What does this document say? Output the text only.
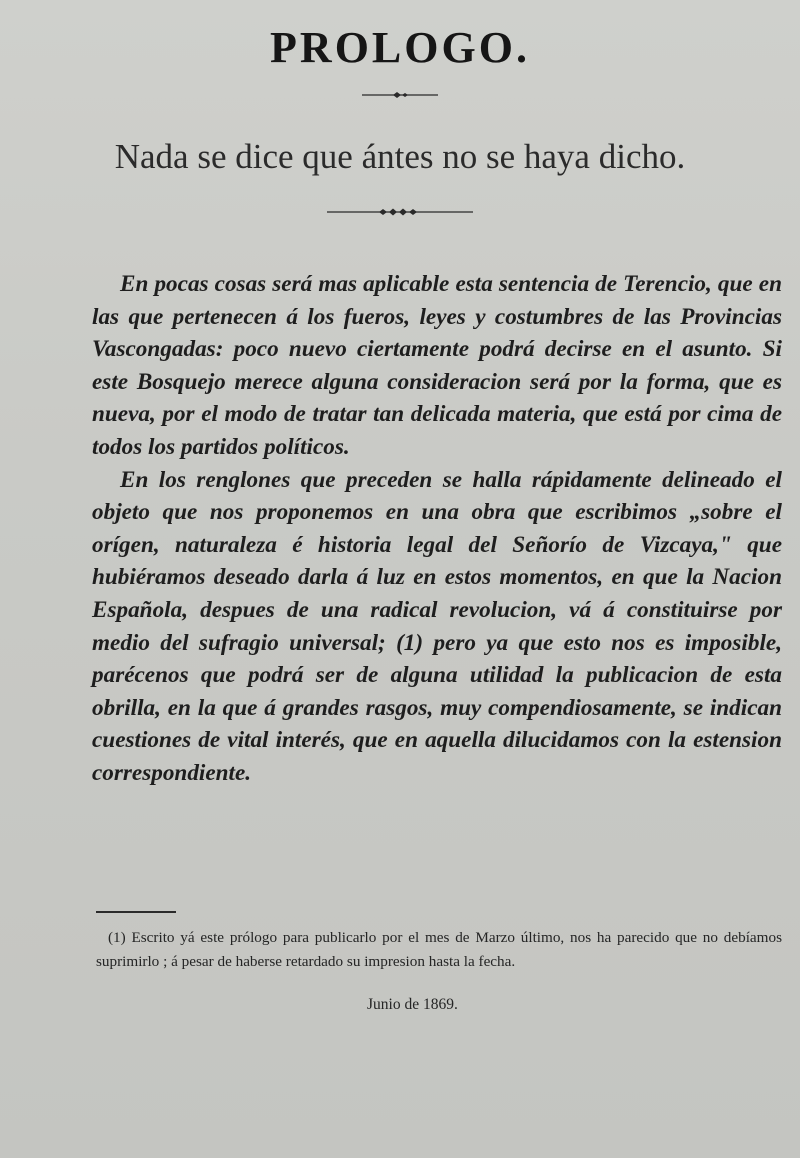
PROLOGO.
Nada se dice que ántes no se haya dicho.

En pocas cosas será mas aplicable esta sentencia de Terencio, que en las que pertenecen á los fueros, leyes y costumbres de las Provincias Vascongadas: poco nuevo ciertamente podrá decirse en el asunto. Si este Bosquejo merece alguna consideracion será por la forma, que es nueva, por el modo de tratar tan delicada materia, que está por cima de todos los partidos políticos.

En los renglones que preceden se halla rápidamente delineado el objeto que nos proponemos en una obra que escribimos „sobre el orígen, naturaleza é historia legal del Señorío de Vizcaya," que hubiéramos deseado darla á luz en estos momentos, en que la Nacion Española, despues de una radical revolucion, vá á constituirse por medio del sufragio universal; (1) pero ya que esto nos es imposible, parécenos que podrá ser de alguna utilidad la publicacion de esta obrilla, en la que á grandes rasgos, muy compendiosamente, se indican cuestiones de vital interés, que en aquella dilucidamos con la estension correspondiente.

(1) Escrito yá este prólogo para publicarlo por el mes de Marzo último, nos ha parecido que no debíamos suprimirlo ; á pesar de haberse retardado su impresion hasta la fecha.

Junio de 1869.
